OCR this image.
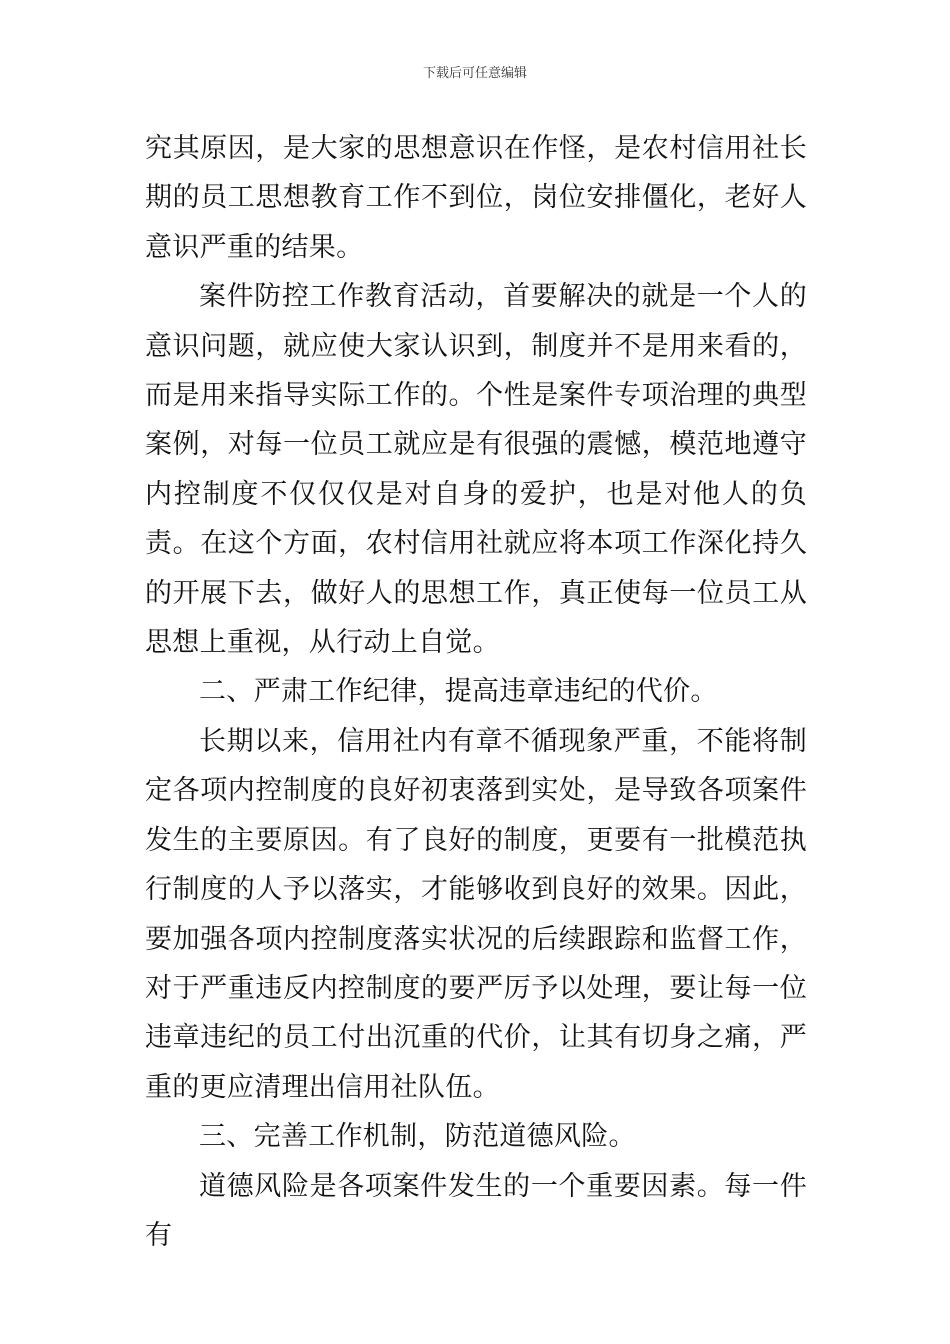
下载后可任意编辑

究其原因，是大家的思想意识在作怪，是农村信用社长期的员工思想教育工作不到位，岗位安排僵化，老好人意识严重的结果。

案件防控工作教育活动，首要解决的就是一个人的意识问题，就应使大家认识到，制度并不是用来看的，而是用来指导实际工作的。个性是案件专项治理的典型案例，对每一位员工就应是有很强的震憾，模范地遵守内控制度不仅仅仅是对自身的爱护，也是对他人的负责。在这个方面，农村信用社就应将本项工作深化持久的开展下去，做好人的思想工作，真正使每一位员工从思想上重视，从行动上自觉。

二、严肃工作纪律，提高违章违纪的代价。

长期以来，信用社内有章不循现象严重，不能将制定各项内控制度的良好初衷落到实处，是导致各项案件发生的主要原因。有了良好的制度，更要有一批模范执行制度的人予以落实，才能够收到良好的效果。因此，要加强各项内控制度落实状况的后续跟踪和监督工作，对于严重违反内控制度的要严厉予以处理，要让每一位违章违纪的员工付出沉重的代价，让其有切身之痛，严重的更应清理出信用社队伍。

三、完善工作机制，防范道德风险。

道德风险是各项案件发生的一个重要因素。每一件有
